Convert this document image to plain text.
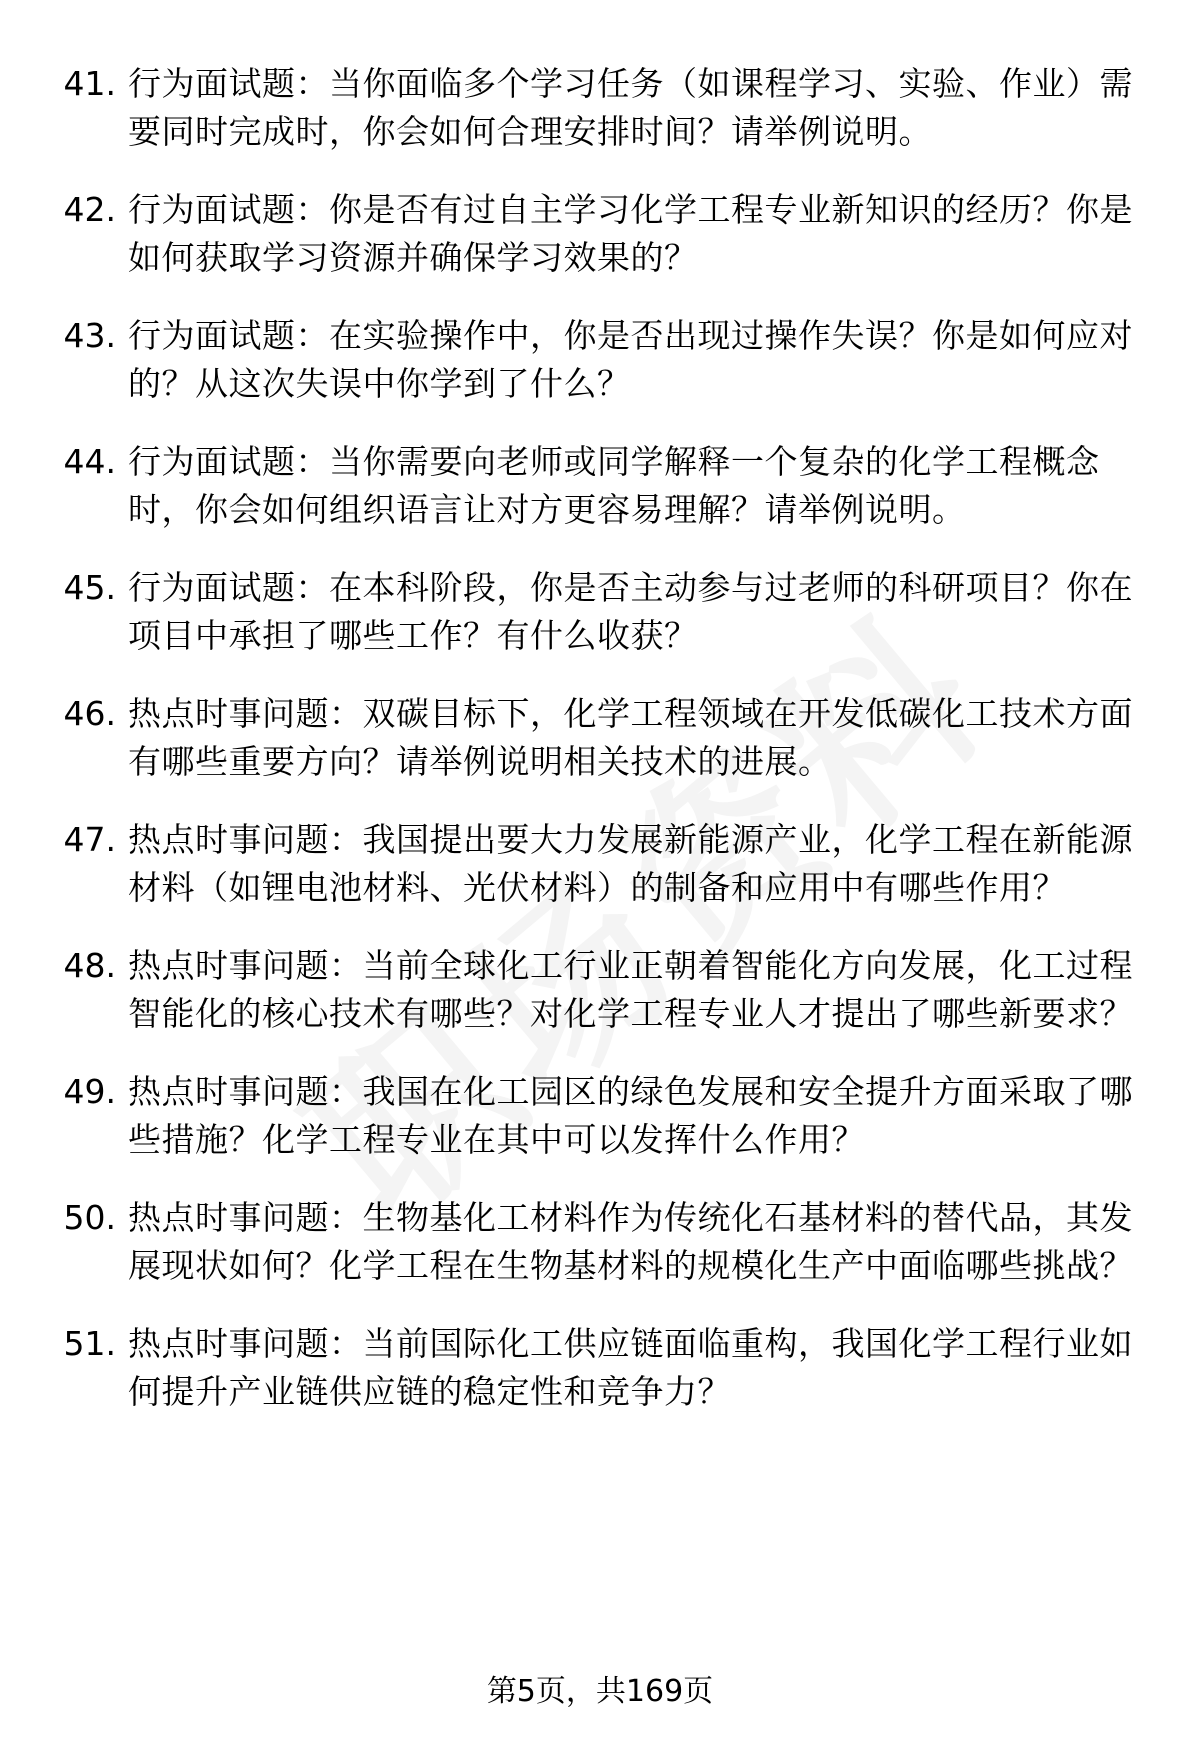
41. 行为面试题：当你面临多个学习任务（如课程学习、实验、作业）需要同时完成时，你会如何合理安排时间？请举例说明。
42. 行为面试题：你是否有过自主学习化学工程专业新知识的经历？你是如何获取学习资源并确保学习效果的？
43. 行为面试题：在实验操作中，你是否出现过操作失误？你是如何应对的？从这次失误中你学到了什么？
44. 行为面试题：当你需要向老师或同学解释一个复杂的化学工程概念时，你会如何组织语言让对方更容易理解？请举例说明。
45. 行为面试题：在本科阶段，你是否主动参与过老师的科研项目？你在项目中承担了哪些工作？有什么收获？
46. 热点时事问题：双碳目标下，化学工程领域在开发低碳化工技术方面有哪些重要方向？请举例说明相关技术的进展。
47. 热点时事问题：我国提出要大力发展新能源产业，化学工程在新能源材料（如锂电池材料、光伏材料）的制备和应用中有哪些作用？
48. 热点时事问题：当前全球化工行业正朝着智能化方向发展，化工过程智能化的核心技术有哪些？对化学工程专业人才提出了哪些新要求？
49. 热点时事问题：我国在化工园区的绿色发展和安全提升方面采取了哪些措施？化学工程专业在其中可以发挥什么作用？
50. 热点时事问题：生物基化工材料作为传统化石基材料的替代品，其发展现状如何？化学工程在生物基材料的规模化生产中面临哪些挑战？
51. 热点时事问题：当前国际化工供应链面临重构，我国化学工程行业如何提升产业链供应链的稳定性和竞争力？
第5页，共169页
